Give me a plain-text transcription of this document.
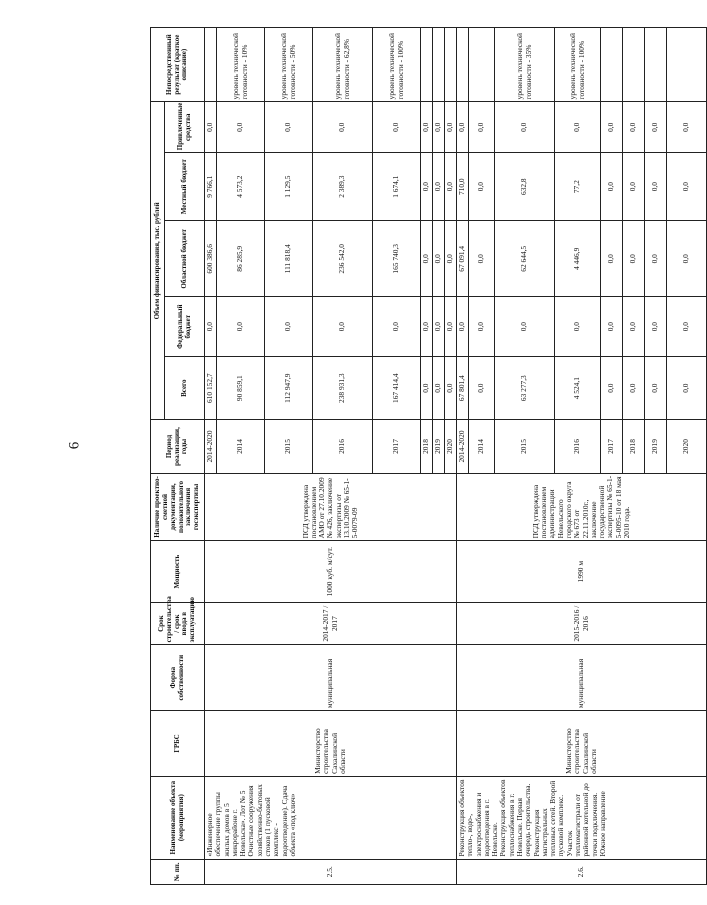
6
№ пп.	Наименование объекта (мероприятия)	ГРБС	Форма собственности	Срок строительства / срок ввода в эксплуатацию	Мощность	Наличие проектно-сметной документации, положительного заключения госэкспертизы	Период реализации, годы	Объем финансирования, тыс. рублей					Непосредственный результат (краткое описание)
								Всего	Федеральный бюджет	Областной бюджет	Местный бюджет	Привлеченные средства	
2.5.	«Инженерное обеспечение группы жилых домов в 5 микрорайоне г. Невельска». Лот № 5 Очистные сооружения хозяйственно-бытовых стоков (1 пусковой комплекс - водоотведение). Сдача объекта «под ключ»	Министерство строительства Сахалинской области	муниципальная	2014-2017 / 2017	1000 куб. м/сут.	ПСД утверждена постановлением АМО от 27.10.2009 № 426, заключение экспертизы от 13.10.2009 № 65-1-5-0079-09	2014-2020	610 152,7	0,0	600 386,6	9 766,1	0,0	
							2014	90 859,1	0,0	86 285,9	4 573,2	0,0	уровень технической готовности - 10%
							2015	112 947,9	0,0	111 818,4	1 129,5	0,0	уровень технической готовности - 50%
							2016	238 931,3	0,0	236 542,0	2 389,3	0,0	уровень технической готовности - 62,8%
							2017	167 414,4	0,0	165 740,3	1 674,1	0,0	уровень технической готовности - 100%
							2018	0,0	0,0	0,0	0,0	0,0	
							2019	0,0	0,0	0,0	0,0	0,0	
							2020	0,0	0,0	0,0	0,0	0,0	
2.6.	Реконструкция объектов тепло-, водо-, электроснабжения и водоотведения в г. Невельске. Реконструкция объектов теплоснабжения в г. Невельске. Первая очередь строительства. Реконструкция магистральных тепловых сетей. Второй пусковой комплекс. Участок тепломагистрали от районной котельной до точки подключения. Южное направление	Министерство строительства Сахалинской области	муниципальная	2015-2016 / 2016	1990 м	ПСД утверждена постановлением администрации Невельского городского округа № 673 от 22.11.2010г., заключение государственной экспертизы № 65-1-5-0095-10 от 18 мая 2010 года.	2014-2020	67 801,4	0,0	67 091,4	710,0	0,0	
							2014	0,0	0,0	0,0	0,0	0,0	
							2015	63 277,3	0,0	62 644,5	632,8	0,0	уровень технической готовности - 35%
							2016	4 524,1	0,0	4 446,9	77,2	0,0	уровень технической готовности - 100%
							2017	0,0	0,0	0,0	0,0	0,0	
							2018	0,0	0,0	0,0	0,0	0,0	
							2019	0,0	0,0	0,0	0,0	0,0	
							2020	0,0	0,0	0,0	0,0	0,0	
